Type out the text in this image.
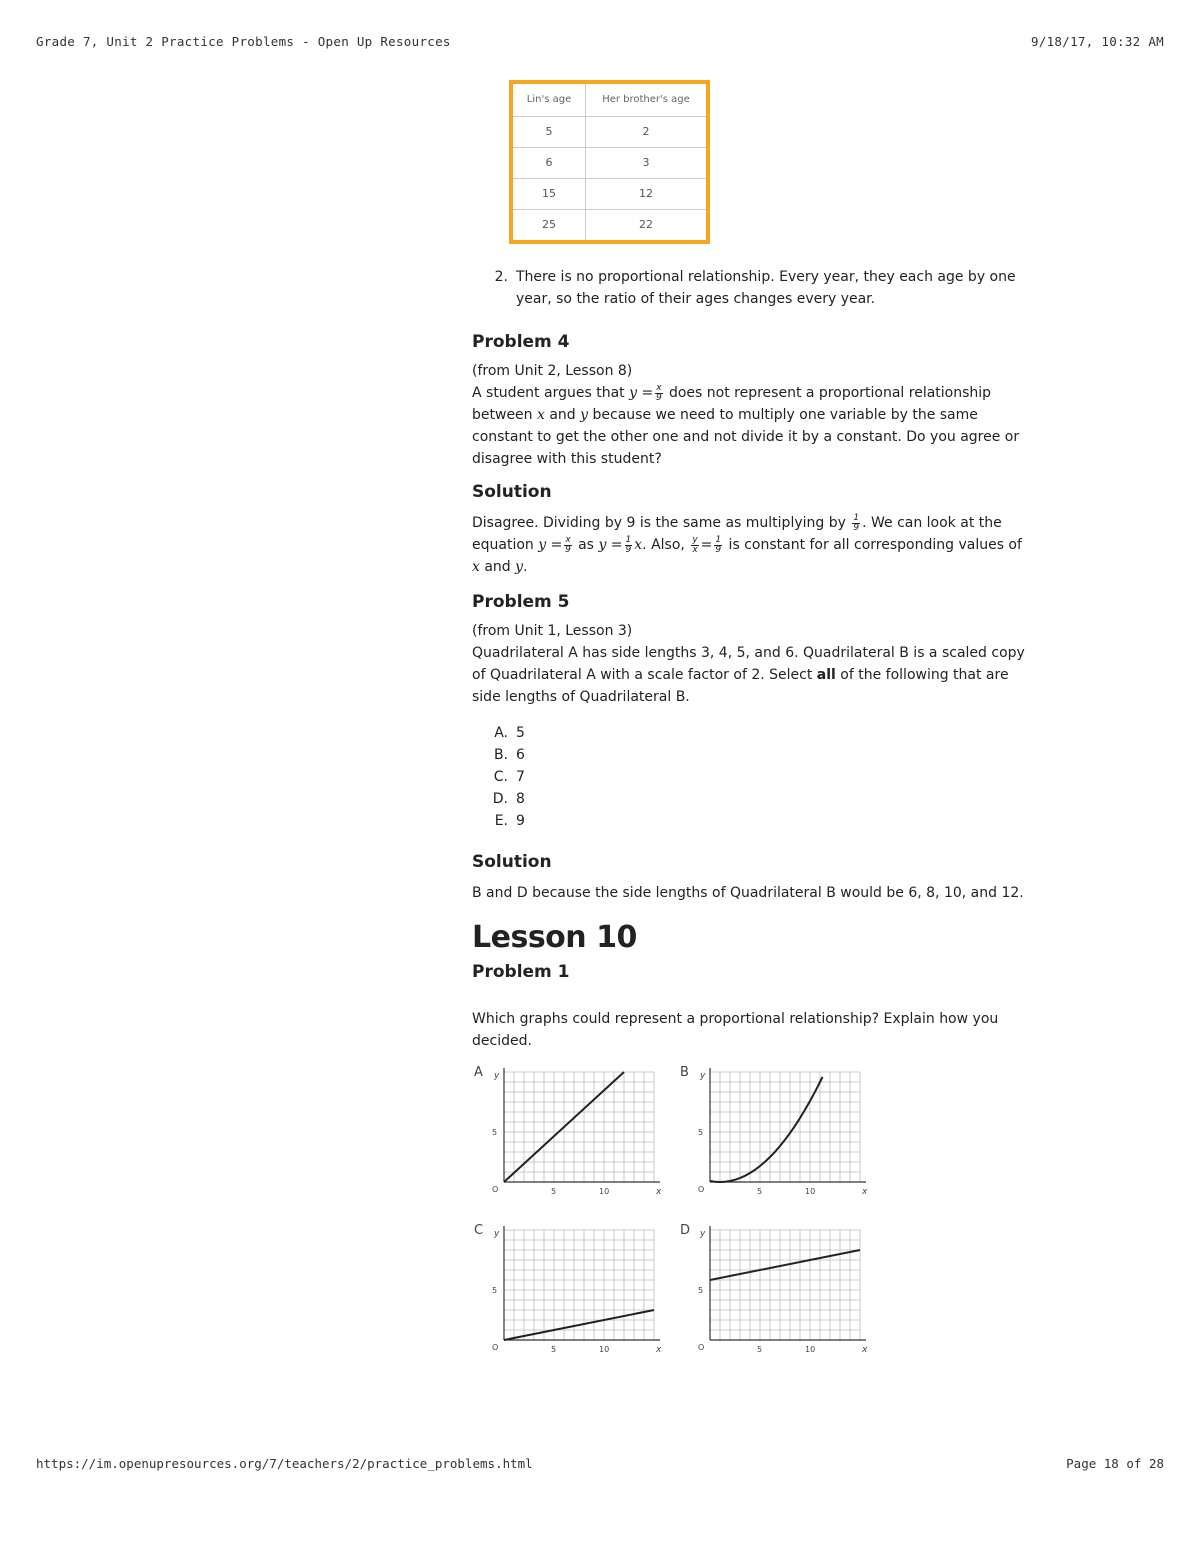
Grade 7, Unit 2 Practice Problems - Open Up Resources	9/18/17, 10:32 AM
Lin's age	Her brother's age
5	2
6	3
15	12
25	22
2. There is no proportional relationship. Every year, they each age by one year, so the ratio of their ages changes every year.
Problem 4

(from Unit 2, Lesson 8)

A student argues that $y = \frac{x}{9}$ does not represent a proportional relationship between x and y because we need to multiply one variable by the same constant to get the other one and not divide it by a constant. Do you agree or disagree with this student?

Solution

Disagree. Dividing by 9 is the same as multiplying by $\frac{1}{9}$ . We can look at the equation $y = \frac{x}{9}$ as $y = \frac{1}{9} x$. Also, $\frac{y}{x} = \frac{1}{9}$ is constant for all corresponding values of x and y.

Problem 5

(from Unit 1, Lesson 3)

Quadrilateral A has side lengths 3, 4, 5, and 6. Quadrilateral B is a scaled copy of Quadrilateral A with a scale factor of 2. Select all of the following that are side lengths of Quadrilateral B.

A. 5
B. 6
C. 7
D. 8
E. 9
Solution

B and D because the side lengths of Quadrilateral B would be 6, 8, 10, and 12.

Lesson 10
Problem 1

Which graphs could represent a proportional relationship? Explain how you decided.

A y
x
O
5
5	10
B y
x
O
5
5	10
C y
x
O
5
5	10
D y
x
O
5
5	10
https://im.openupresources.org/7/teachers/2/practice_problems.html	Page 18 of 28
